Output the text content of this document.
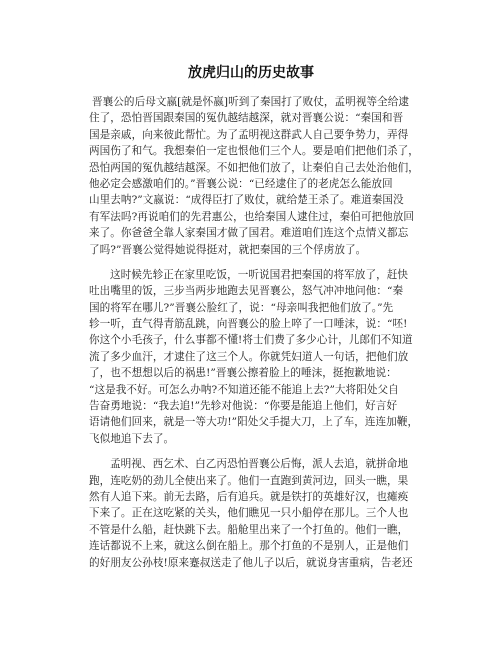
放虎归山的历史故事
晋襄公的后母文嬴[就是怀嬴]听到了秦国打了败仗，孟明视等全给逮
住了，恐怕晋国跟秦国的冤仇越结越深，就对晋襄公说：“秦国和晋
国是亲戚，向来彼此帮忙。为了孟明视这群武人自己要争势力，弄得
两国伤了和气。我想秦伯一定也恨他们三个人。要是咱们把他们杀了，
恐怕两国的冤仇越结越深。不如把他们放了，让秦伯自己去处治他们，
他必定会感激咱们的。”晋襄公说：“已经逮住了的老虎怎么能放回
山里去呐?”文嬴说：“成得臣打了败仗，就给楚王杀了。难道秦国没
有军法吗?再说咱们的先君惠公，也给秦国人逮住过，秦伯可把他放回
来了。你爸爸全靠人家秦国才做了国君。难道咱们连这个点情义都忘
了吗?”晋襄公觉得她说得挺对，就把秦国的三个俘虏放了。
这时候先轸正在家里吃饭，一听说国君把秦国的将军放了，赶快
吐出嘴里的饭，三步当两步地跑去见晋襄公，怒气冲冲地问他：“秦
国的将军在哪儿?”晋襄公脸红了，说：“母亲叫我把他们放了。”先
轸一听，直气得青筋乱跳，向晋襄公的脸上啐了一口唾沫，说：“呸!
你这个小毛孩子，什么事都不懂!将士们费了多少心计，儿郎们不知道
流了多少血汗，才逮住了这三个人。你就凭妇道人一句话，把他们放
了，也不想想以后的祸患!”晋襄公擦着脸上的唾沫，挺抱歉地说：
“这是我不好。可怎么办呐?不知道还能不能追上去?”大将阳处父自
告奋勇地说：“我去追!”先轸对他说：“你要是能追上他们，好言好
语请他们回来，就是一等大功!”阳处父手提大刀，上了车，连连加鞭，
飞似地追下去了。
孟明视、西乞术、白乙丙恐怕晋襄公后悔，派人去追，就拼命地
跑，连吃奶的劲儿全使出来了。他们一直跑到黄河边，回头一瞧，果
然有人追下来。前无去路，后有追兵。就是铁打的英雄好汉，也瘫痪
下来了。正在这吃紧的关头，他们瞧见一只小船停在那儿。三个人也
不管是什么船，赶快跳下去。船舱里出来了一个打鱼的。他们一瞧，
连话都说不上来，就这么倒在船上。那个打鱼的不是别人，正是他们
的好朋友公孙枝!原来蹇叔送走了他儿子以后，就说身害重病，告老还
